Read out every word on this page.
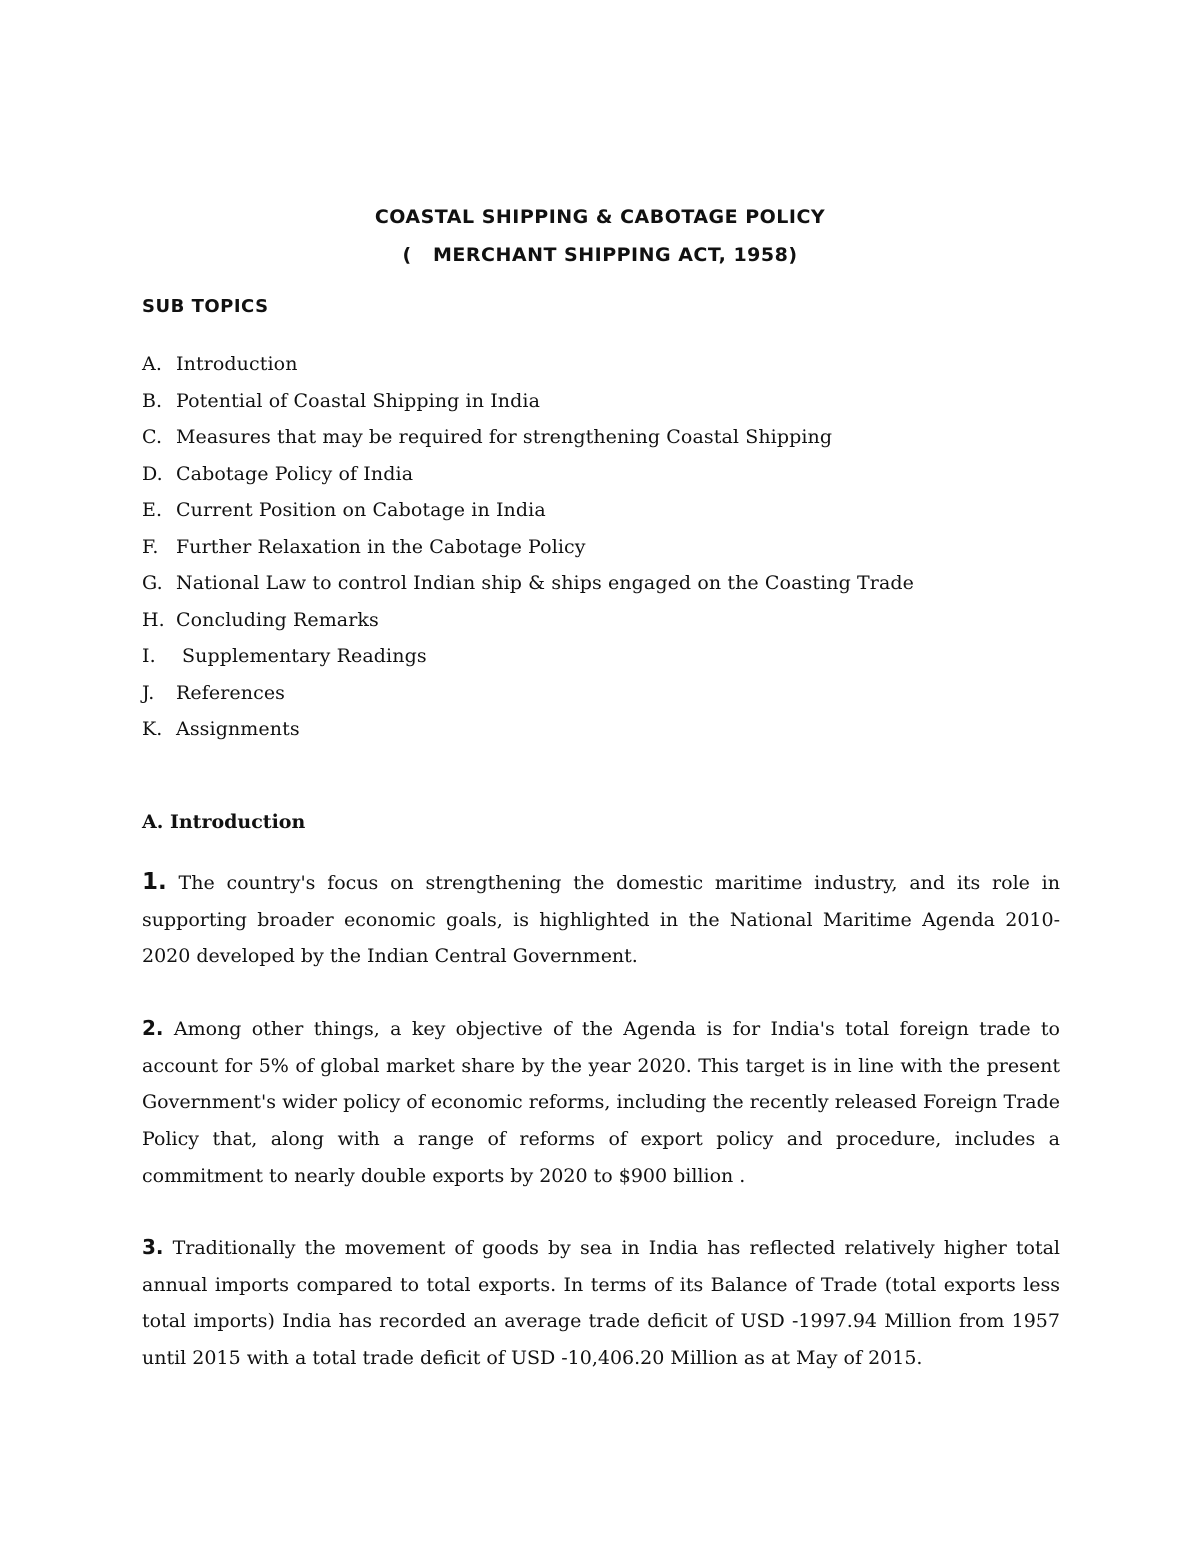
COASTAL SHIPPING & CABOTAGE POLICY
(   MERCHANT SHIPPING ACT, 1958)
SUB TOPICS
A. Introduction
B. Potential of Coastal Shipping in India
C. Measures that may be required for strengthening Coastal Shipping
D. Cabotage Policy of India
E. Current Position on Cabotage in India
F. Further Relaxation in the Cabotage Policy
G. National Law to control Indian ship & ships engaged on the Coasting Trade
H. Concluding Remarks
I. Supplementary Readings
J. References
K. Assignments
A. Introduction

1. The country's focus on strengthening the domestic maritime industry, and its role in supporting broader economic goals, is highlighted in the National Maritime Agenda 2010-2020 developed by the Indian Central Government.

2. Among other things, a key objective of the Agenda is for India's total foreign trade to account for 5% of global market share by the year 2020. This target is in line with the present Government's wider policy of economic reforms, including the recently released Foreign Trade Policy that, along with a range of reforms of export policy and procedure, includes a commitment to nearly double exports by 2020 to $900 billion .

3. Traditionally the movement of goods by sea in India has reflected relatively higher total annual imports compared to total exports. In terms of its Balance of Trade (total exports less total imports) India has recorded an average trade deficit of USD -1997.94 Million from 1957 until 2015 with a total trade deficit of USD -10,406.20 Million as at May of 2015.
